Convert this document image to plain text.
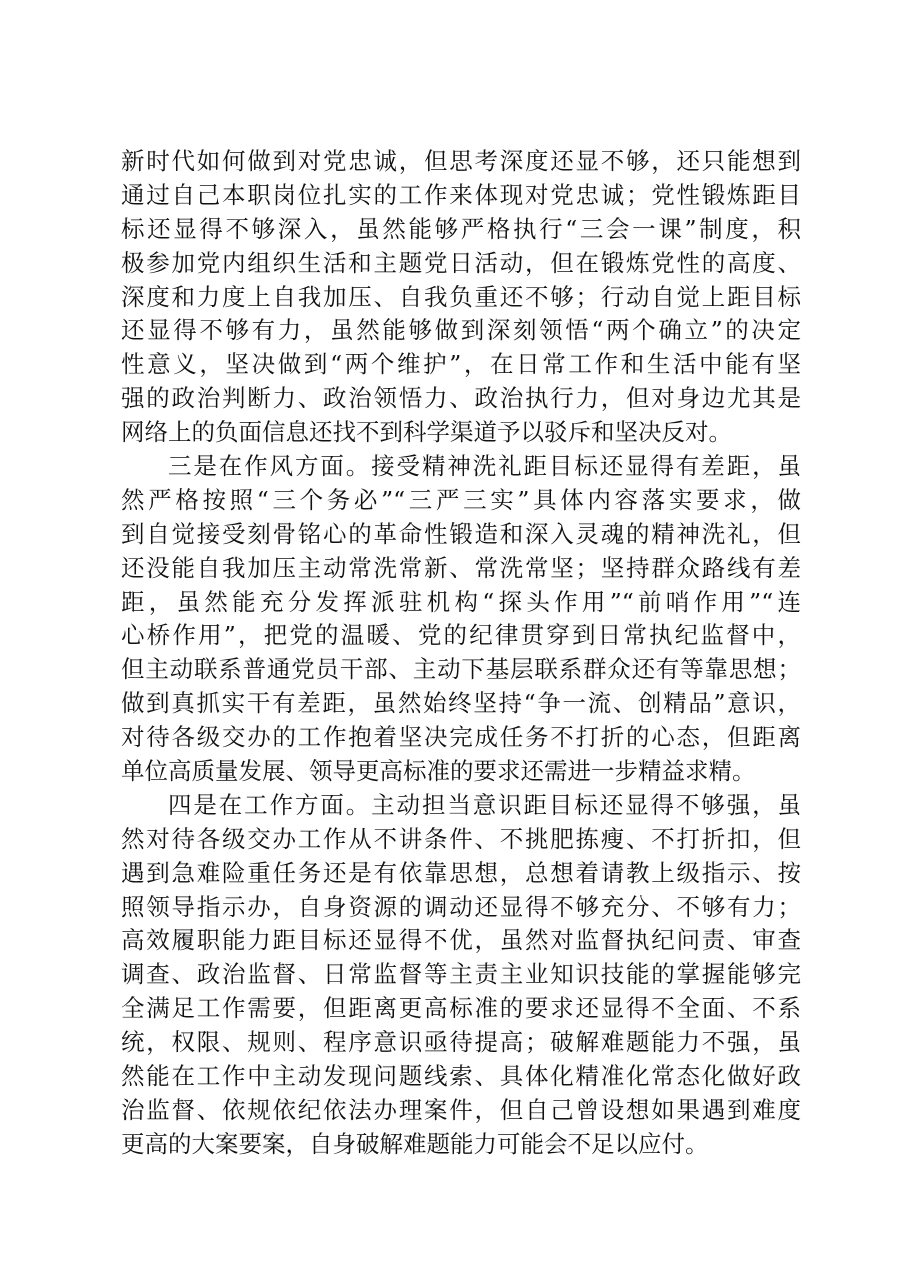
新时代如何做到对党忠诚，但思考深度还显不够，还只能想到
通过自己本职岗位扎实的工作来体现对党忠诚；党性锻炼距目
标还显得不够深入，虽然能够严格执行“三会一课”制度，积
极参加党内组织生活和主题党日活动，但在锻炼党性的高度、
深度和力度上自我加压、自我负重还不够；行动自觉上距目标
还显得不够有力，虽然能够做到深刻领悟“两个确立”的决定
性意义，坚决做到“两个维护”，在日常工作和生活中能有坚
强的政治判断力、政治领悟力、政治执行力，但对身边尤其是
网络上的负面信息还找不到科学渠道予以驳斥和坚决反对。
三是在作风方面。接受精神洗礼距目标还显得有差距，虽
然严格按照“三个务必”“三严三实”具体内容落实要求，做
到自觉接受刻骨铭心的革命性锻造和深入灵魂的精神洗礼，但
还没能自我加压主动常洗常新、常洗常坚；坚持群众路线有差
距，虽然能充分发挥派驻机构“探头作用”“前哨作用”“连
心桥作用”，把党的温暖、党的纪律贯穿到日常执纪监督中，
但主动联系普通党员干部、主动下基层联系群众还有等靠思想；
做到真抓实干有差距，虽然始终坚持“争一流、创精品”意识，
对待各级交办的工作抱着坚决完成任务不打折的心态，但距离
单位高质量发展、领导更高标准的要求还需进一步精益求精。
四是在工作方面。主动担当意识距目标还显得不够强，虽
然对待各级交办工作从不讲条件、不挑肥拣瘦、不打折扣，但
遇到急难险重任务还是有依靠思想，总想着请教上级指示、按
照领导指示办，自身资源的调动还显得不够充分、不够有力；
高效履职能力距目标还显得不优，虽然对监督执纪问责、审查
调查、政治监督、日常监督等主责主业知识技能的掌握能够完
全满足工作需要，但距离更高标准的要求还显得不全面、不系
统，权限、规则、程序意识亟待提高；破解难题能力不强，虽
然能在工作中主动发现问题线索、具体化精准化常态化做好政
治监督、依规依纪依法办理案件，但自己曾设想如果遇到难度
更高的大案要案，自身破解难题能力可能会不足以应付。
